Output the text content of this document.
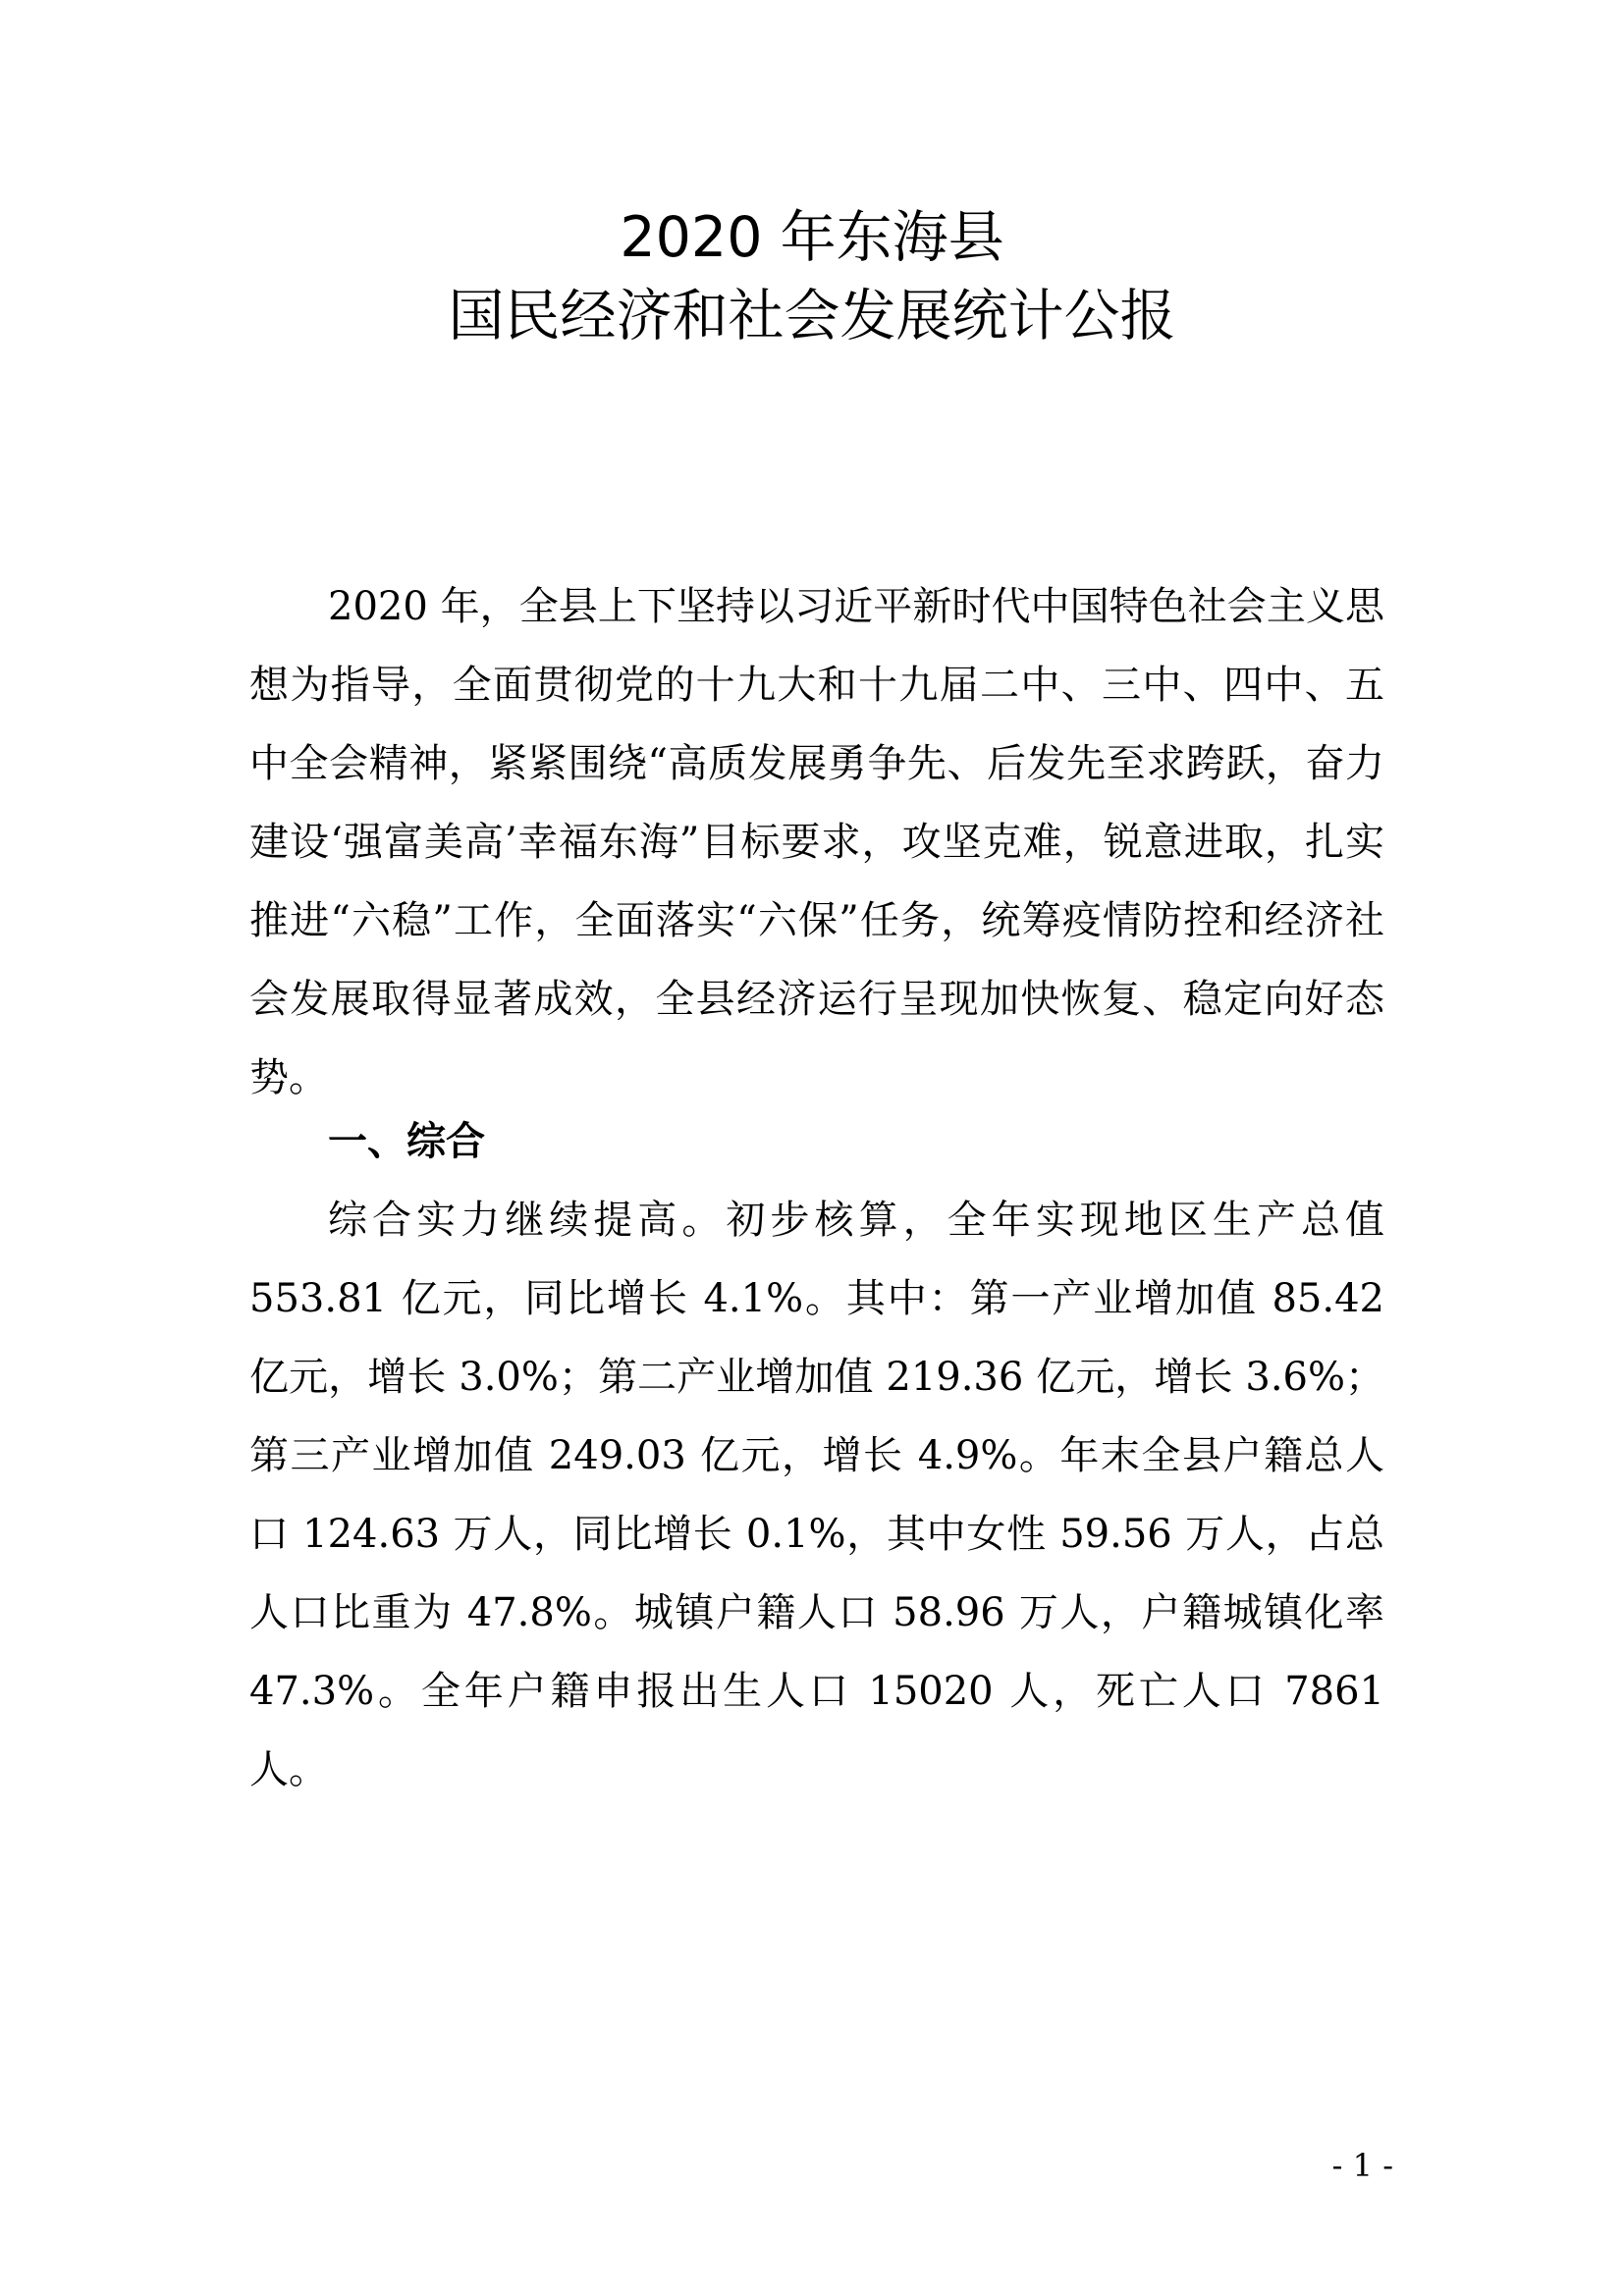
2020 年东海县
国民经济和社会发展统计公报

2020 年，全县上下坚持以习近平新时代中国特色社会主义思想为指导，全面贯彻党的十九大和十九届二中、三中、四中、五中全会精神，紧紧围绕“高质发展勇争先、后发先至求跨跃，奋力建设‘强富美高’幸福东海”目标要求，攻坚克难，锐意进取，扎实推进“六稳”工作，全面落实“六保”任务，统筹疫情防控和经济社会发展取得显著成效，全县经济运行呈现加快恢复、稳定向好态势。

一、综合

综合实力继续提高。初步核算，全年实现地区生产总值 553.81 亿元，同比增长 4.1%。其中：第一产业增加值 85.42 亿元，增长 3.0%；第二产业增加值 219.36 亿元，增长 3.6%；第三产业增加值 249.03 亿元，增长 4.9%。年末全县户籍总人口 124.63 万人，同比增长 0.1%，其中女性 59.56 万人，占总人口比重为 47.8%。城镇户籍人口 58.96 万人，户籍城镇化率 47.3%。全年户籍申报出生人口 15020 人，死亡人口 7861 人。

- 1 -
